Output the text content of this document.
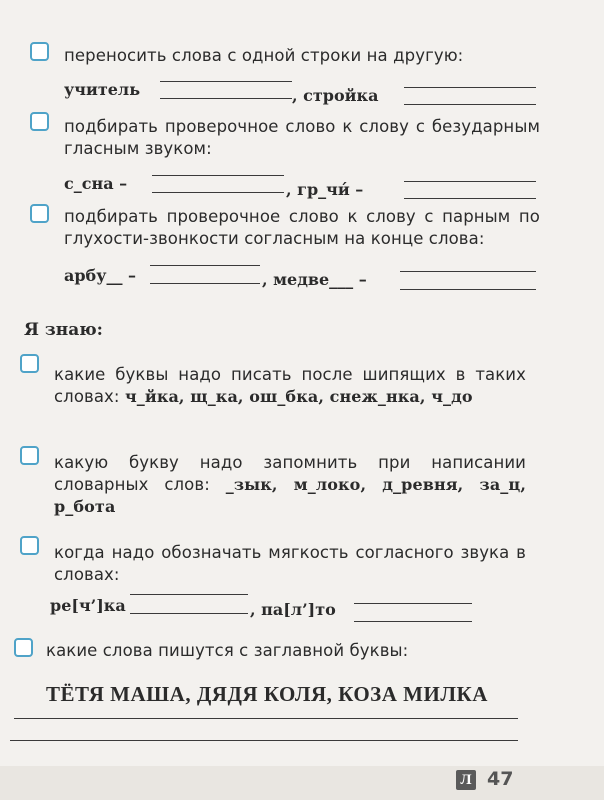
переносить слова с одной строки на другую:
учитель	, стройка
подбирать проверочное слово к слову с безударным гласным звуком:
с_сна –	, гр_чи́ –
подбирать проверочное слово к слову с парным по глухости-звонкости согласным на конце слова:
арбу__ –	, медве___ –
Я знаю:
какие буквы надо писать после шипящих в таких словах: ч_йка, щ_ка, ош_бка, снеж_нка, ч_до
какую букву надо запомнить при написании словарных слов: _зык, м_локо, д_ревня, за_ц, р_бота
когда надо обозначать мягкость согласного звука в словах:
ре[ч’]ка	, па[л’]то
какие слова пишутся с заглавной буквы:
ТЁТЯ МАША, ДЯДЯ КОЛЯ, КОЗА МИЛКА
Л 47
